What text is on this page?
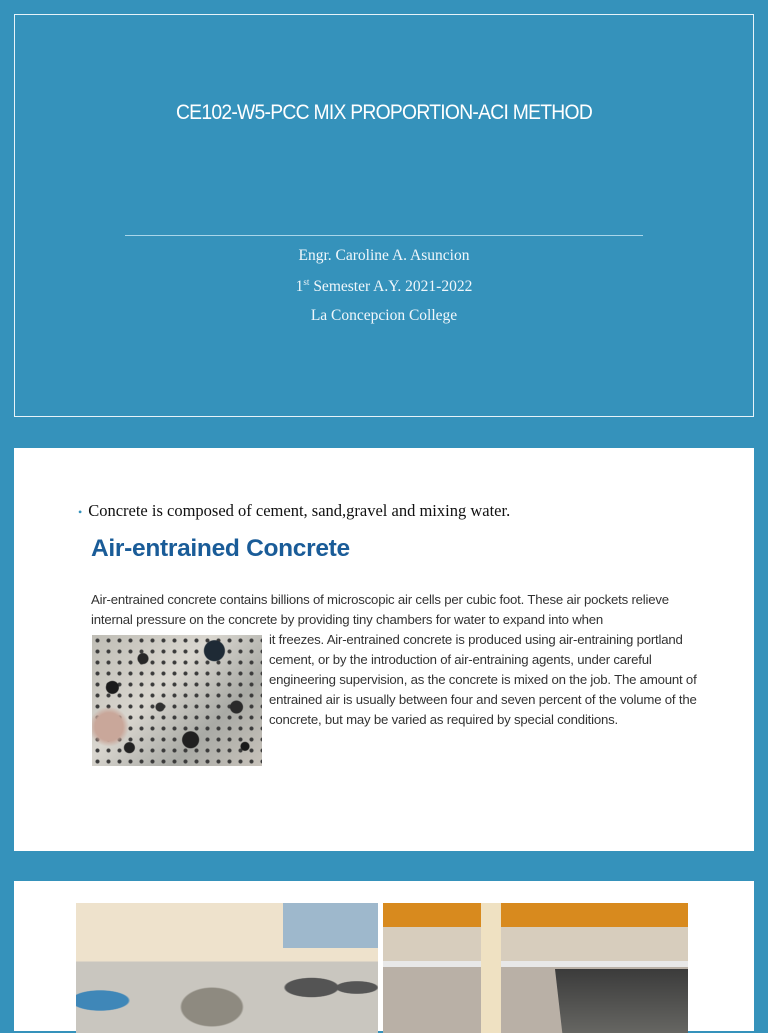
CE102-W5-PCC MIX PROPORTION-ACI METHOD
Engr. Caroline A. Asuncion
1st Semester A.Y. 2021-2022
La Concepcion College
• Concrete is composed of cement, sand,gravel and mixing water.
Air-entrained Concrete
Air-entrained concrete contains billions of microscopic air cells per cubic foot. These air pockets relieve internal pressure on the concrete by providing tiny chambers for water to expand into when
it freezes. Air-entrained concrete is produced using air-entraining portland cement, or by the introduction of air-entraining agents, under careful engineering supervision, as the concrete is mixed on the job. The amount of entrained air is usually between four and seven percent of the volume of the concrete, but may be varied as required by special conditions.
